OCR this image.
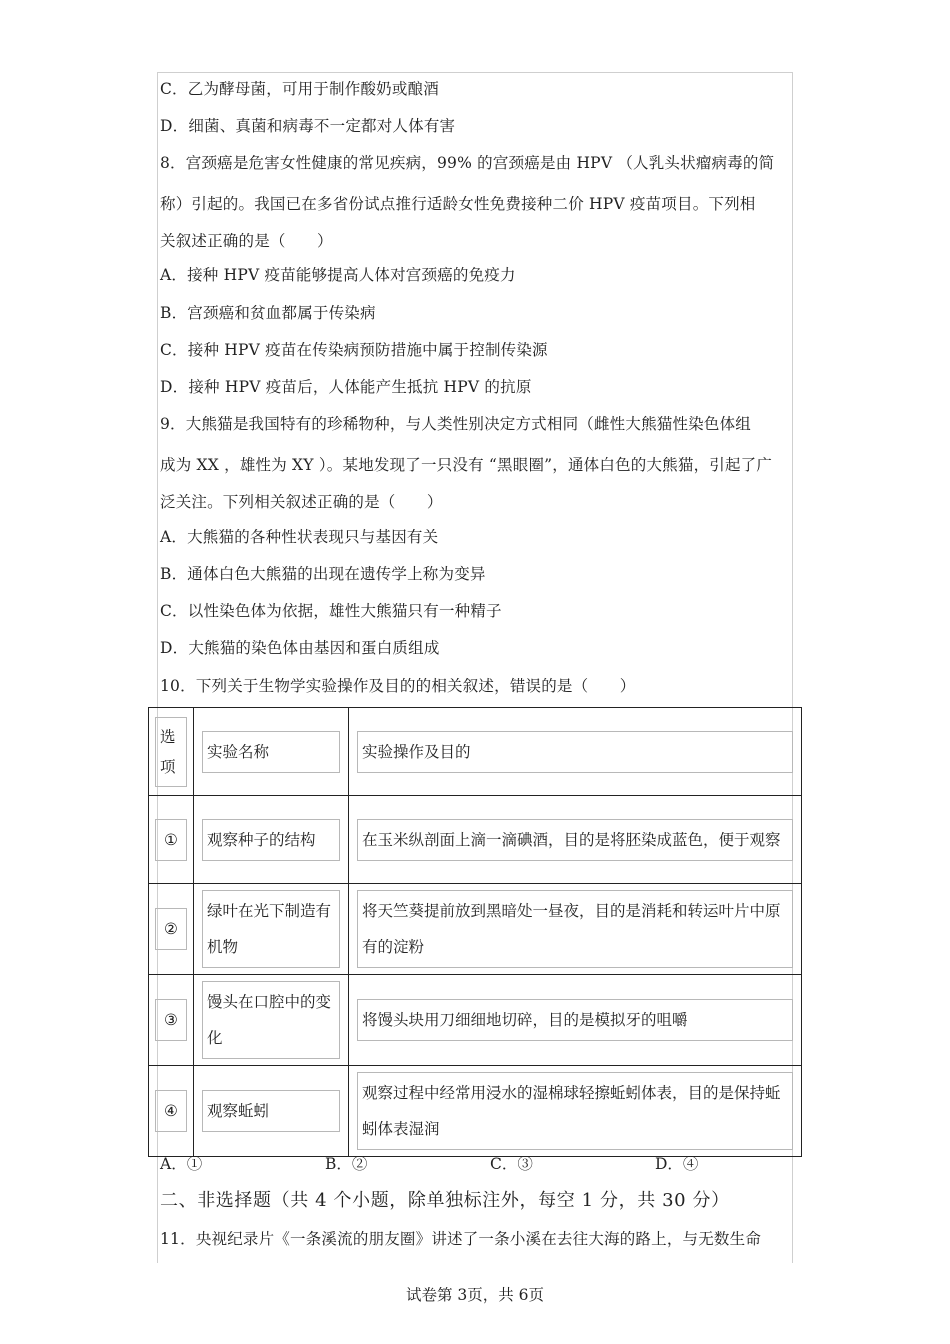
C．乙为酵母菌，可用于制作酸奶或酿酒
D．细菌、真菌和病毒不一定都对人体有害
8．宫颈癌是危害女性健康的常见疾病，99% 的宫颈癌是由 HPV （人乳头状瘤病毒的简
称）引起的。我国已在多省份试点推行适龄女性免费接种二价 HPV 疫苗项目。下列相
关叙述正确的是（　　）
A．接种 HPV 疫苗能够提高人体对宫颈癌的免疫力
B．宫颈癌和贫血都属于传染病
C．接种 HPV 疫苗在传染病预防措施中属于控制传染源
D．接种 HPV 疫苗后，人体能产生抵抗 HPV 的抗原
9．大熊猫是我国特有的珍稀物种，与人类性别决定方式相同（雌性大熊猫性染色体组
成为 XX ，雄性为 XY ）。某地发现了一只没有 “黑眼圈”，通体白色的大熊猫，引起了广
泛关注。下列相关叙述正确的是（　　）
A．大熊猫的各种性状表现只与基因有关
B．通体白色大熊猫的出现在遗传学上称为变异
C．以性染色体为依据，雄性大熊猫只有一种精子
D．大熊猫的染色体由基因和蛋白质组成
10．下列关于生物学实验操作及目的的相关叙述，错误的是（　　）
选
项	实验名称	实验操作及目的

①	观察种子的结构	在玉米纵剖面上滴一滴碘酒，目的是将胚染成蓝色，便于观察

②	绿叶在光下制造有机物	将天竺葵提前放到黑暗处一昼夜，目的是消耗和转运叶片中原有的淀粉

③	馒头在口腔中的变化	将馒头块用刀细细地切碎，目的是模拟牙的咀嚼

④	观察蚯蚓	观察过程中经常用浸水的湿棉球轻擦蚯蚓体表，目的是保持蚯蚓体表湿润
A．①	B．②	C．③	D．④
二、非选择题（共 4 个小题，除单独标注外，每空 1 分，共 30 分）
11．央视纪录片《一条溪流的朋友圈》讲述了一条小溪在去往大海的路上，与无数生命
试卷第 3页，共 6页
